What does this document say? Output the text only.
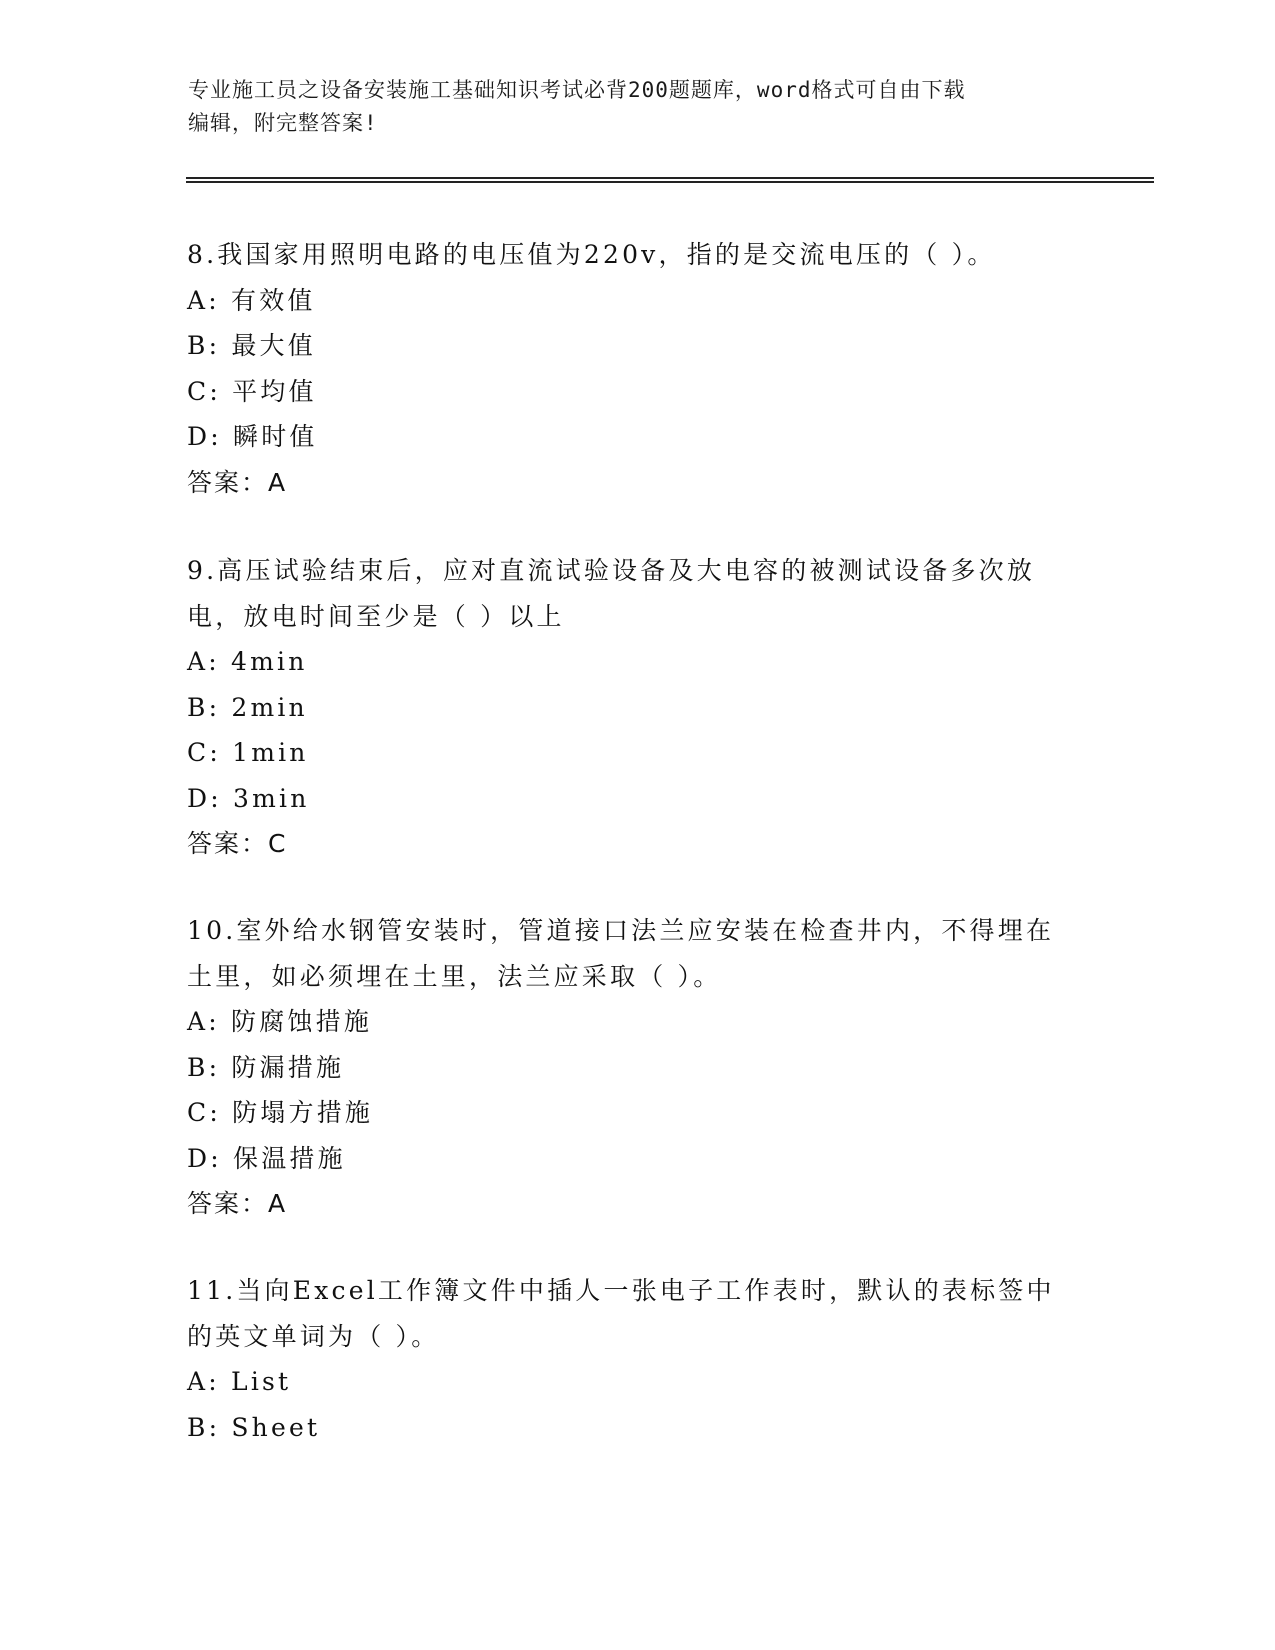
专业施工员之设备安装施工基础知识考试必背200题题库，word格式可自由下载
编辑，附完整答案!
8.我国家用照明电路的电压值为220v，指的是交流电压的（ ）。
A: 有效值
B: 最大值
C: 平均值
D: 瞬时值
答案：A
9.高压试验结束后，应对直流试验设备及大电容的被测试设备多次放
电，放电时间至少是（ ）以上
A: 4min
B: 2min
C: 1min
D: 3min
答案：C
10.室外给水钢管安装时，管道接口法兰应安装在检查井内，不得埋在
土里，如必须埋在土里，法兰应采取（ ）。
A: 防腐蚀措施
B: 防漏措施
C: 防塌方措施
D: 保温措施
答案：A
11.当向Excel工作簿文件中插人一张电子工作表时，默认的表标签中
的英文单词为（ ）。
A: List
B: Sheet
